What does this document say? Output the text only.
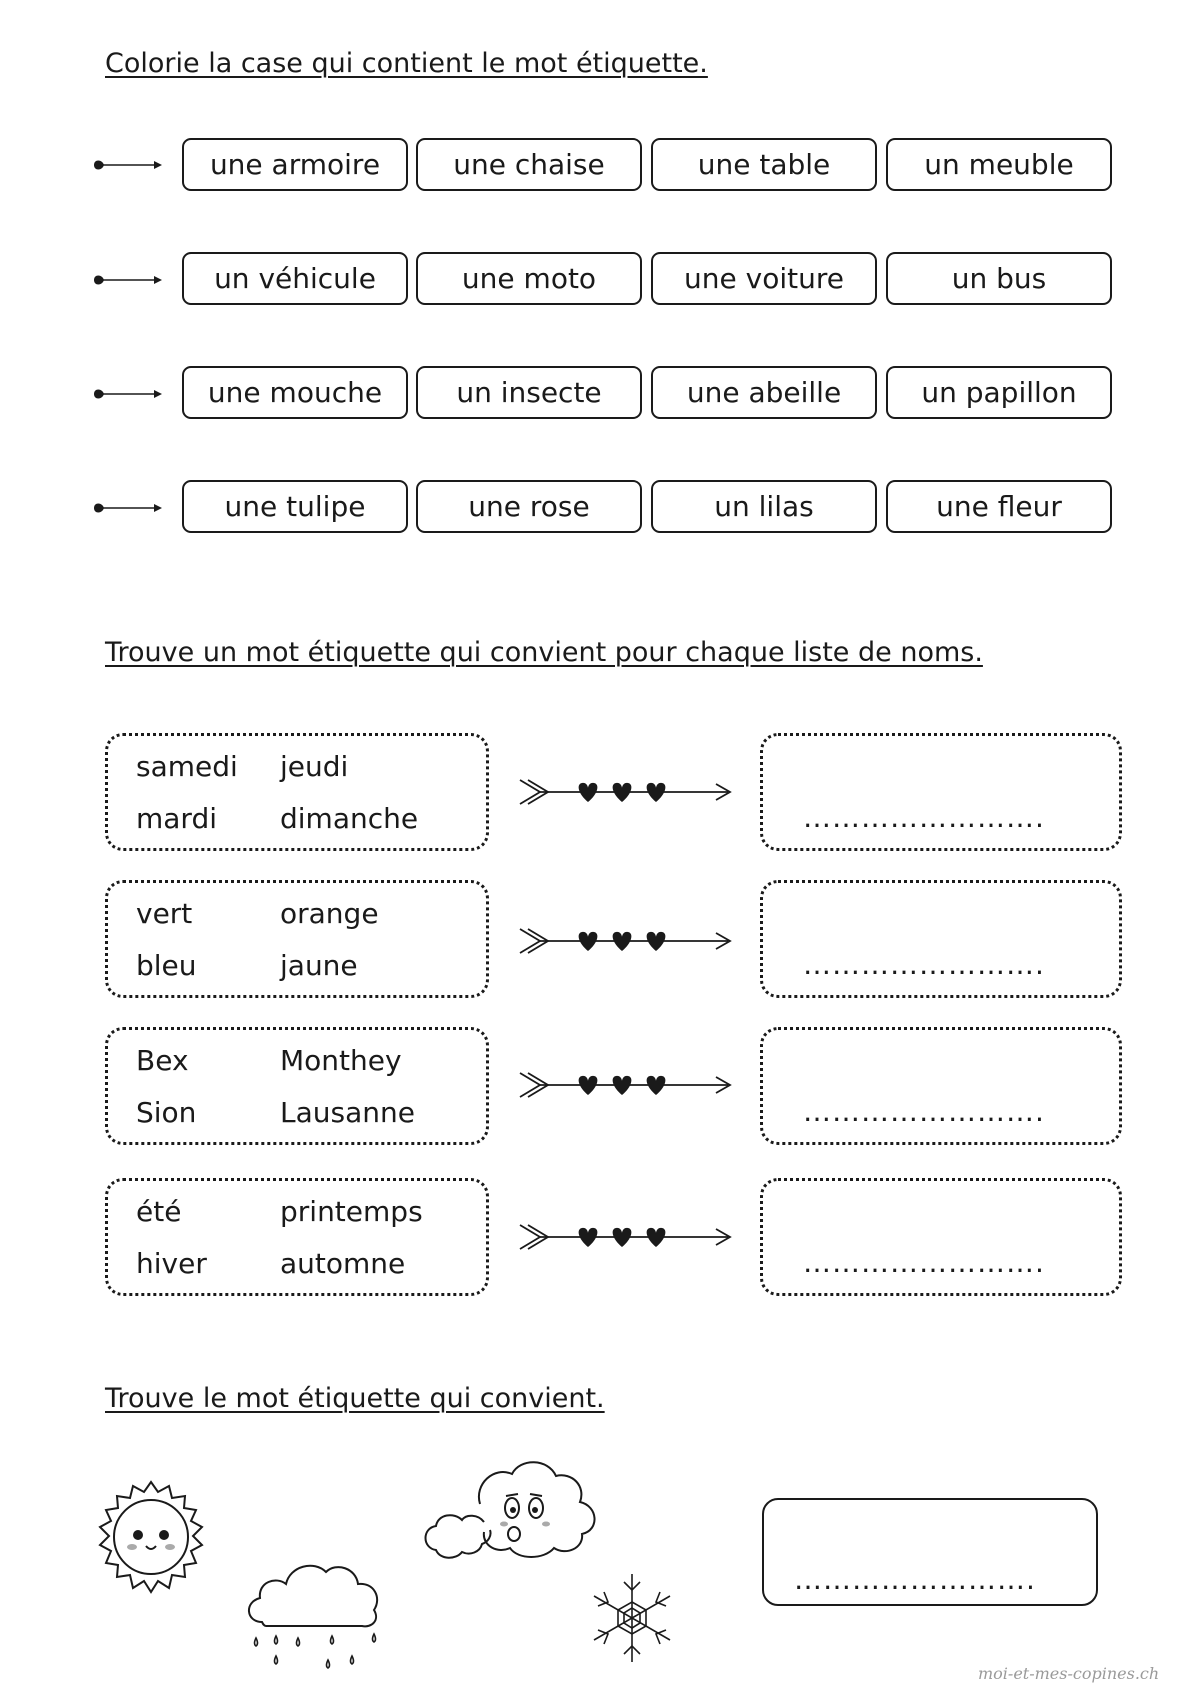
Colorie la case qui contient le mot étiquette.
une armoire	une chaise	une table	un meuble
un véhicule	une moto	une voiture	un bus
une mouche	un insecte	une abeille	un papillon
une tulipe	une rose	un lilas	une fleur
Trouve un mot étiquette qui convient pour chaque liste de noms.
samedi jeudi
mardi dimanche	…………………….
vert	orange
bleu	jaune	…………………….
Bex	Monthey
Sion	Lausanne	…………………….
été	printemps
hiver	automne	…………………….
Trouve le mot étiquette qui convient.
…………………….
moi-et-mes-copines.ch
